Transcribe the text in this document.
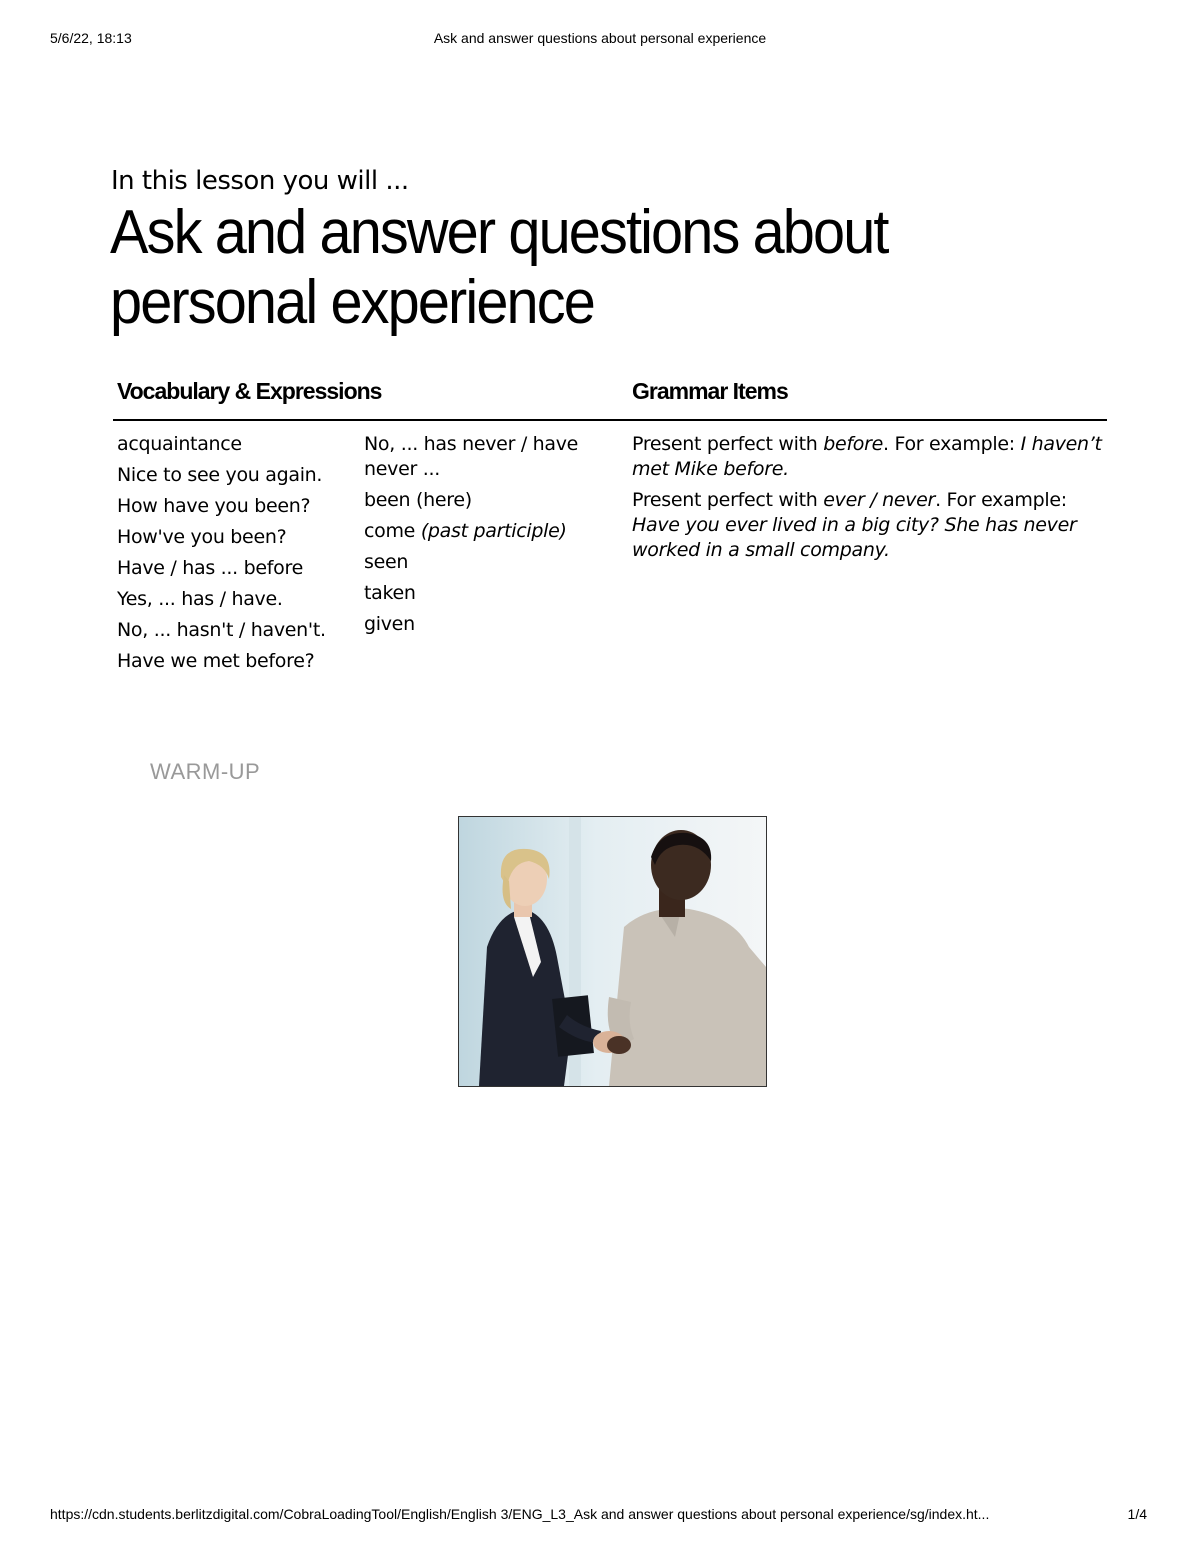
5/6/22, 18:13	Ask and answer questions about personal experience
In this lesson you will ...
Ask and answer questions about
personal experience
Vocabulary & Expressions	Grammar Items
acquaintance
Nice to see you again.
How have you been?
How've you been?
Have / has ... before
Yes, ... has / have.
No, ... hasn't / haven't.
Have we met before?
No, ... has never / have never ...
been (here)
come (past participle)
seen
taken
given
Present perfect with before. For example: I haven’t met Mike before.
Present perfect with ever / never. For example: Have you ever lived in a big city? She has never worked in a small company.
WARM-UP
https://cdn.students.berlitzdigital.com/CobraLoadingTool/English/English 3/ENG_L3_Ask and answer questions about personal experience/sg/index.ht...	1/4
